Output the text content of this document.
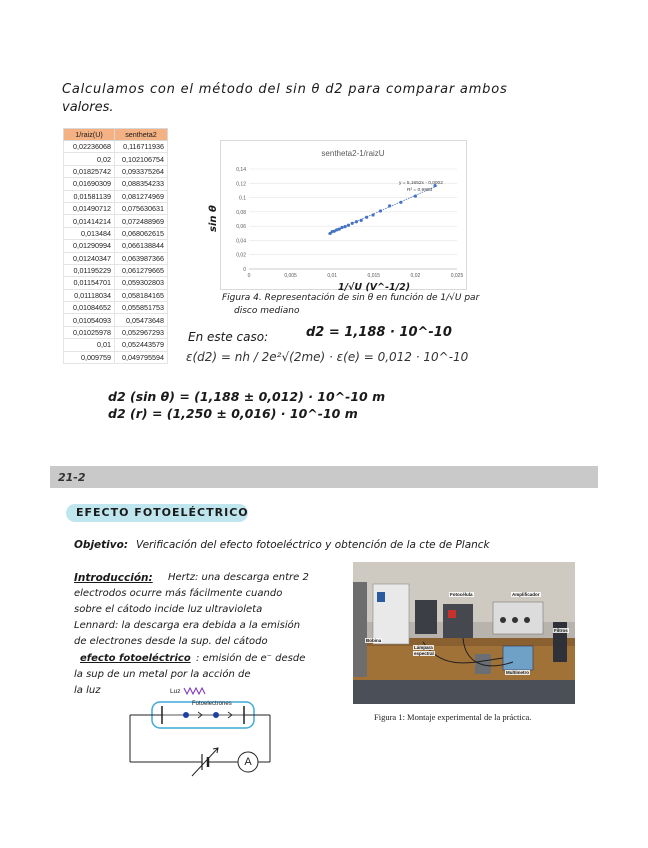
Calculamos con el método del sin θ d2 para comparar ambos
valores.
1/raiz(U)	sentheta2
0,02236068	0,116711936
0,02	0,102106754
0,01825742	0,093375264
0,01690309	0,088354233
0,01581139	0,081274969
0,01490712	0,075630631
0,01414214	0,072488969
0,013484	0,068062615
0,01290994	0,066138844
0,01240347	0,063987366
0,01195229	0,061279665
0,01154701	0,059302803
0,01118034	0,058184165
0,01084652	0,055851753
0,01054093	0,05473648
0,01025978	0,052967293
0,01	0,052443579
0,009759	0,049795594
sentheta2-1/raizU
0
0,02
0,04
0,06
0,08
0,1
0,12
0,14
0	0,005	0,01	0,015	0,02	0,025
y = 5,1652x - 0,0002
R² = 0,9983
sin θ
1/√U (V^-1/2)
Figura 4. Representación de sin θ en función de 1/√U par
disco mediano
En este caso:	d2 = 1,188 · 10^-10
ε(d2) = nh / 2e²√(2me) · ε(e) = 0,012 · 10^-10
d2 (sin θ) = (1,188 ± 0,012) · 10^-10 m
d2 (r) = (1,250 ± 0,016) · 10^-10 m
21-2
EFECTO FOTOELÉCTRICO
Objetivo: Verificación del efecto fotoeléctrico y obtención de la cte de Planck
Introducción: Hertz: una descarga entre 2
electrodos ocurre más fácilmente cuando
sobre el cátodo incide luz ultravioleta
Lennard: la descarga era debida a la emisión
de electrones desde la sup. del cátodo
efecto fotoeléctrico : emisión de e⁻ desde
la sup de un metal por la acción de
la luz	Luz
Fotoelectrones
A
Fotocélula	Amplificador
Bobina
Lámpara
espectral
Filtros
Multímetro
Figura 1: Montaje experimental de la práctica.
